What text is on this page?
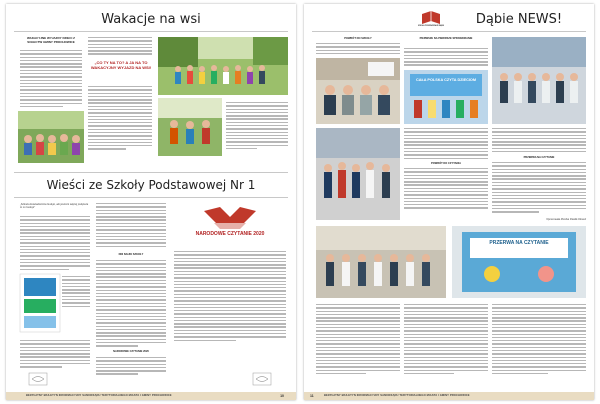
Wakacje na wsi
WAKACYJNE WYJAZDY DZIECI Z SOŁECTW GMINY PROCHOWICE
„CO TY NA TO? A JA NA TO WAKACYJNY WYJAZD NA WSI!
Wieści ze Szkoły Podstawowej Nr 1
„Szkoła doświadczenia buduje, ale jeszcze więcej polepsza to co buduje”
DNI NAUKI SZKOŁY
NARODOWE CZYTANIE 2020
NARODOWE CZYTANIE 2020
BEZPŁATNY BIULETYN INFORMACYJNY SAMORZĄDU TERYTORIALNEGO MIASTA I GMINY PROCHOWICE	10
SZKOŁA PODSTAWOWA W DĄBIU	Dąbie NEWS!
POWRÓT DO SZKOŁY	PIERWSZE NA PIERWSZE SPRAWDZIANIE
CAŁA POLSKA CZYTA DZIECIOM
POWRÓT DO CZYTANIA
PRZERWA NA CZYTANIE
Opracowała Monika Pawlik-Kłosek
PRZERWA NA CZYTANIE
11	BEZPŁATNY BIULETYN INFORMACYJNY SAMORZĄDU TERYTORIALNEGO MIASTA I GMINY PROCHOWICE
